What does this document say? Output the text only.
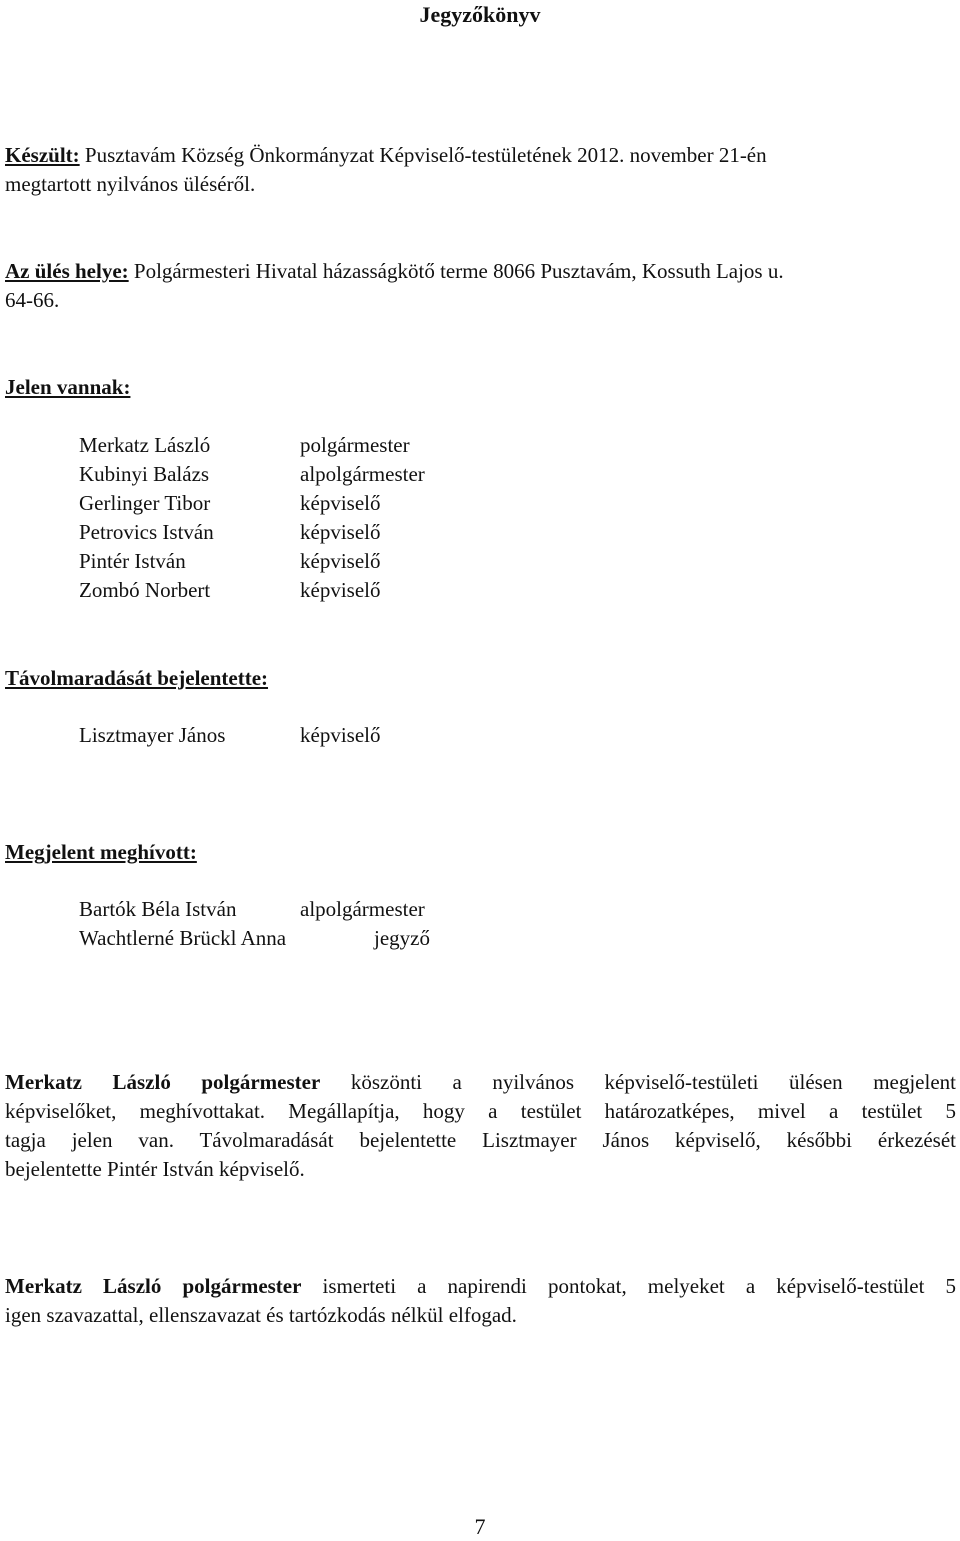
Jegyzőkönyv
Készült: Pusztavám Község Önkormányzat Képviselő-testületének 2012. november 21-én
megtartott nyilvános üléséről.
Az ülés helye: Polgármesteri Hivatal házasságkötő terme 8066 Pusztavám, Kossuth Lajos u.
64-66.
Jelen vannak:
Merkatz László	polgármester
Kubinyi Balázs	alpolgármester
Gerlinger Tibor	képviselő
Petrovics István	képviselő
Pintér István	képviselő
Zombó Norbert	képviselő
Távolmaradását bejelentette:
Lisztmayer János	képviselő
Megjelent meghívott:
Bartók Béla István	alpolgármester
Wachtlerné Brückl Anna	jegyző
Merkatz László polgármester köszönti a nyilvános képviselő-testületi ülésen megjelent
képviselőket, meghívottakat. Megállapítja, hogy a testület határozatképes, mivel a testület 5
tagja jelen van. Távolmaradását bejelentette Lisztmayer János képviselő, későbbi érkezését
bejelentette Pintér István képviselő.
Merkatz László polgármester ismerteti a napirendi pontokat, melyeket a képviselő-testület 5
igen szavazattal, ellenszavazat és tartózkodás nélkül elfogad.
7
